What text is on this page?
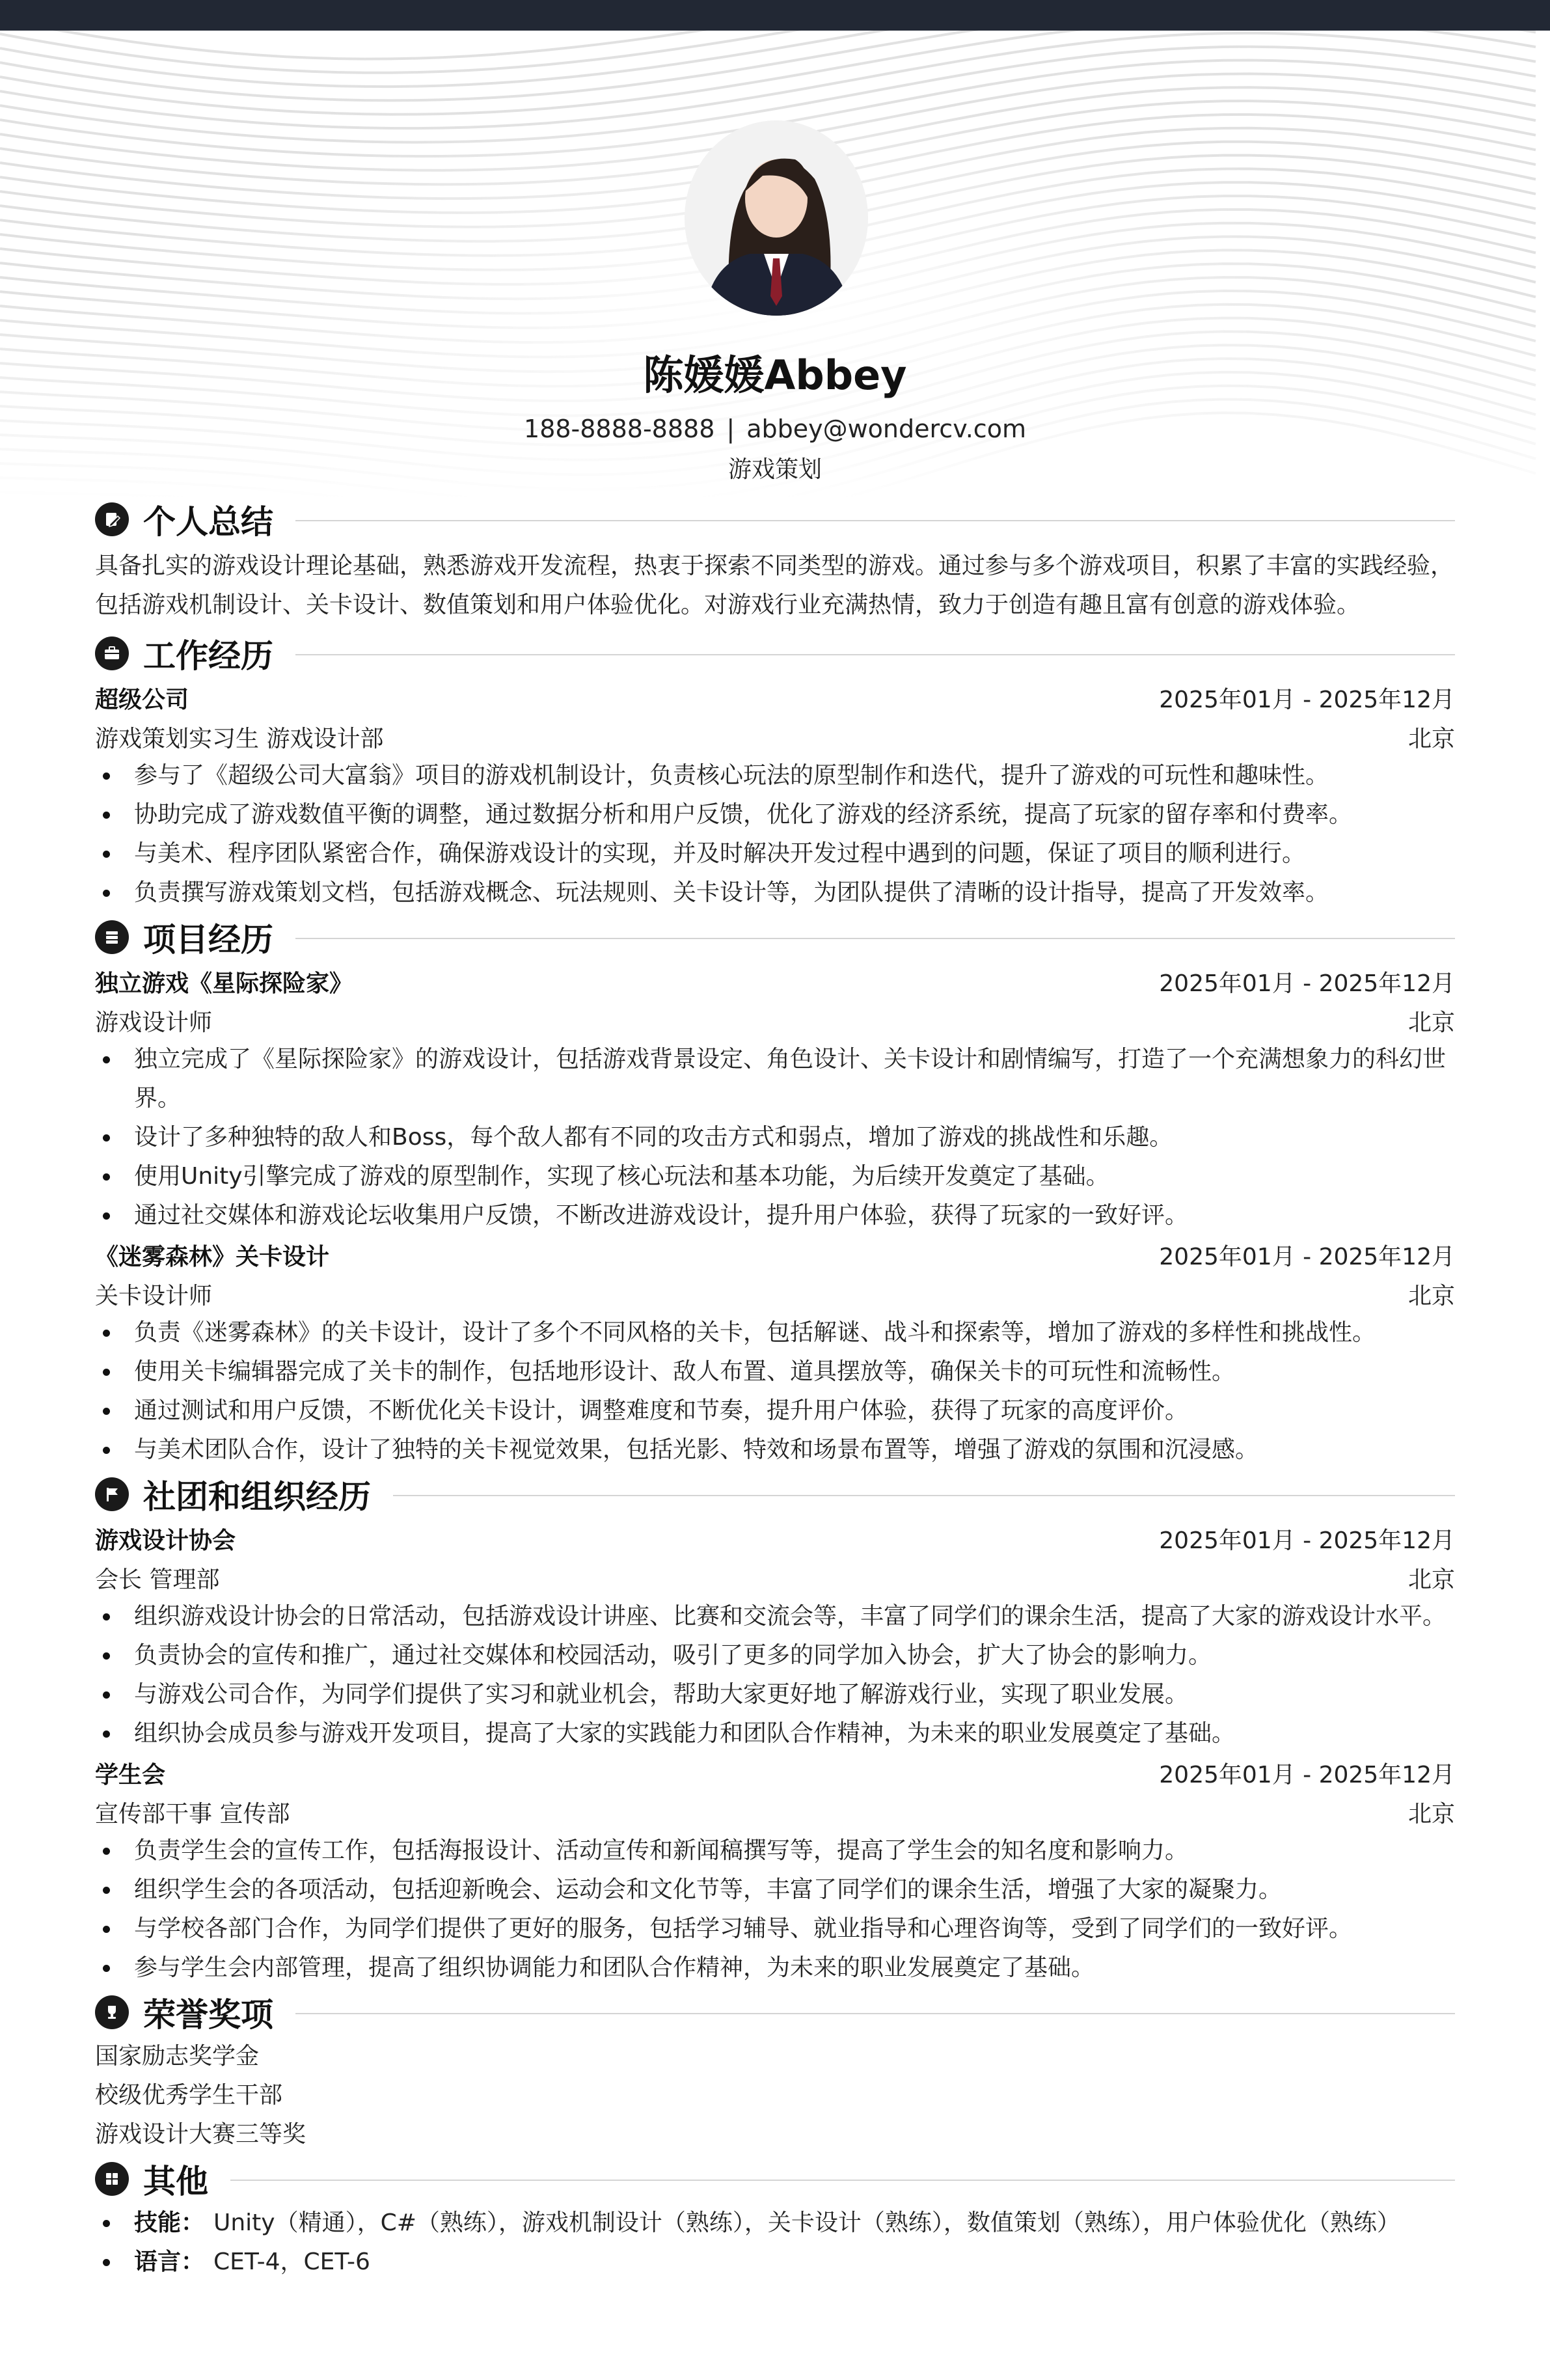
陈媛媛Abbey
188-8888-8888 | abbey@wondercv.com
游戏策划
个人总结

具备扎实的游戏设计理论基础，熟悉游戏开发流程，热衷于探索不同类型的游戏。通过参与多个游戏项目，积累了丰富的实践经验，包括游戏机制设计、关卡设计、数值策划和用户体验优化。对游戏行业充满热情，致力于创造有趣且富有创意的游戏体验。

工作经历
超级公司	2025年01月 - 2025年12月
游戏策划实习生 游戏设计部	北京
参与了《超级公司大富翁》项目的游戏机制设计，负责核心玩法的原型制作和迭代，提升了游戏的可玩性和趣味性。
协助完成了游戏数值平衡的调整，通过数据分析和用户反馈，优化了游戏的经济系统，提高了玩家的留存率和付费率。
与美术、程序团队紧密合作，确保游戏设计的实现，并及时解决开发过程中遇到的问题，保证了项目的顺利进行。
负责撰写游戏策划文档，包括游戏概念、玩法规则、关卡设计等，为团队提供了清晰的设计指导，提高了开发效率。
项目经历
独立游戏《星际探险家》	2025年01月 - 2025年12月
游戏设计师	北京
独立完成了《星际探险家》的游戏设计，包括游戏背景设定、角色设计、关卡设计和剧情编写，打造了一个充满想象力的科幻世界。
设计了多种独特的敌人和Boss，每个敌人都有不同的攻击方式和弱点，增加了游戏的挑战性和乐趣。
使用Unity引擎完成了游戏的原型制作，实现了核心玩法和基本功能，为后续开发奠定了基础。
通过社交媒体和游戏论坛收集用户反馈，不断改进游戏设计，提升用户体验，获得了玩家的一致好评。
《迷雾森林》关卡设计	2025年01月 - 2025年12月
关卡设计师	北京
负责《迷雾森林》的关卡设计，设计了多个不同风格的关卡，包括解谜、战斗和探索等，增加了游戏的多样性和挑战性。
使用关卡编辑器完成了关卡的制作，包括地形设计、敌人布置、道具摆放等，确保关卡的可玩性和流畅性。
通过测试和用户反馈，不断优化关卡设计，调整难度和节奏，提升用户体验，获得了玩家的高度评价。
与美术团队合作，设计了独特的关卡视觉效果，包括光影、特效和场景布置等，增强了游戏的氛围和沉浸感。
社团和组织经历
游戏设计协会	2025年01月 - 2025年12月
会长 管理部	北京
组织游戏设计协会的日常活动，包括游戏设计讲座、比赛和交流会等，丰富了同学们的课余生活，提高了大家的游戏设计水平。
负责协会的宣传和推广，通过社交媒体和校园活动，吸引了更多的同学加入协会，扩大了协会的影响力。
与游戏公司合作，为同学们提供了实习和就业机会，帮助大家更好地了解游戏行业，实现了职业发展。
组织协会成员参与游戏开发项目，提高了大家的实践能力和团队合作精神，为未来的职业发展奠定了基础。
学生会	2025年01月 - 2025年12月
宣传部干事 宣传部	北京
负责学生会的宣传工作，包括海报设计、活动宣传和新闻稿撰写等，提高了学生会的知名度和影响力。
组织学生会的各项活动，包括迎新晚会、运动会和文化节等，丰富了同学们的课余生活，增强了大家的凝聚力。
与学校各部门合作，为同学们提供了更好的服务，包括学习辅导、就业指导和心理咨询等，受到了同学们的一致好评。
参与学生会内部管理，提高了组织协调能力和团队合作精神，为未来的职业发展奠定了基础。
荣誉奖项
国家励志奖学金
校级优秀学生干部
游戏设计大赛三等奖
其他
技能： Unity（精通），C#（熟练），游戏机制设计（熟练），关卡设计（熟练），数值策划（熟练），用户体验优化（熟练）
语言： CET-4，CET-6
